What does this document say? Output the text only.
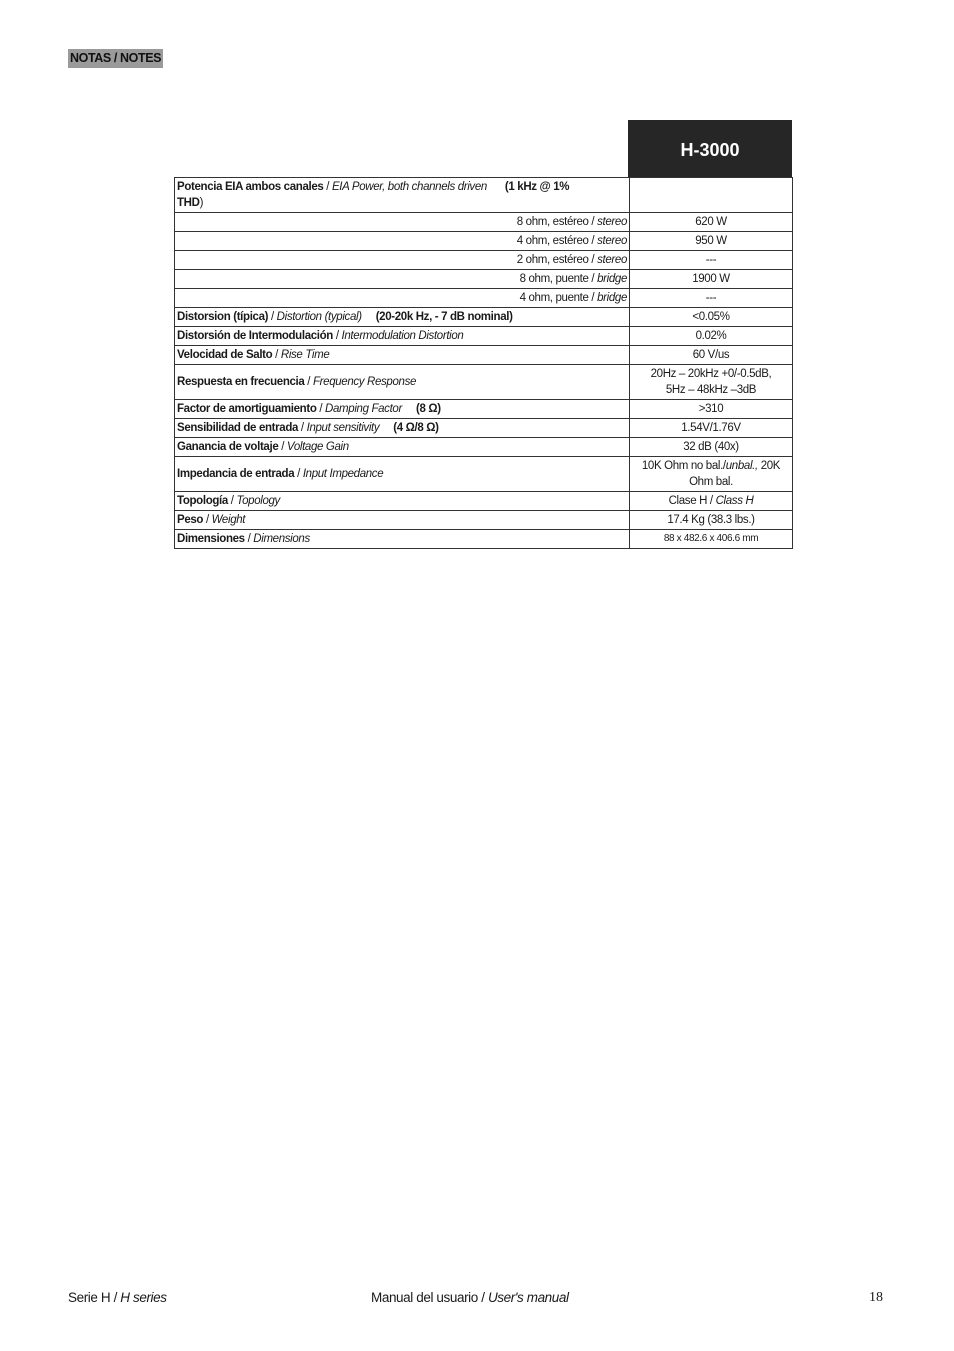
NOTAS / NOTES
H-3000
Potencia EIA ambos canales / EIA Power, both channels driven (1 kHz @ 1%
THD)	
8 ohm, estéreo / stereo	620 W
4 ohm, estéreo / stereo	950 W
2 ohm, estéreo / stereo	---
8 ohm, puente / bridge	1900 W
4 ohm, puente / bridge	---
Distorsion (típica) / Distortion (typical) (20-20k Hz, - 7 dB nominal)	<0.05%
Distorsión de Intermodulación / Intermodulation Distortion	0.02%
Velocidad de Salto / Rise Time	60 V/us
Respuesta en frecuencia / Frequency Response	20Hz – 20kHz +0/-0.5dB,
5Hz – 48kHz –3dB
Factor de amortiguamiento / Damping Factor (8 Ω)	>310
Sensibilidad de entrada / Input sensitivity (4 Ω/8 Ω)	1.54V/1.76V
Ganancia de voltaje / Voltage Gain	32 dB (40x)
Impedancia de entrada / Input Impedance	10K Ohm no bal./unbal., 20K Ohm bal.
Topología / Topology	Clase H / Class H
Peso / Weight	17.4 Kg (38.3 lbs.)
Dimensiones / Dimensions	88 x 482.6 x 406.6 mm
Serie H / H series	Manual del usuario / User's manual	18
